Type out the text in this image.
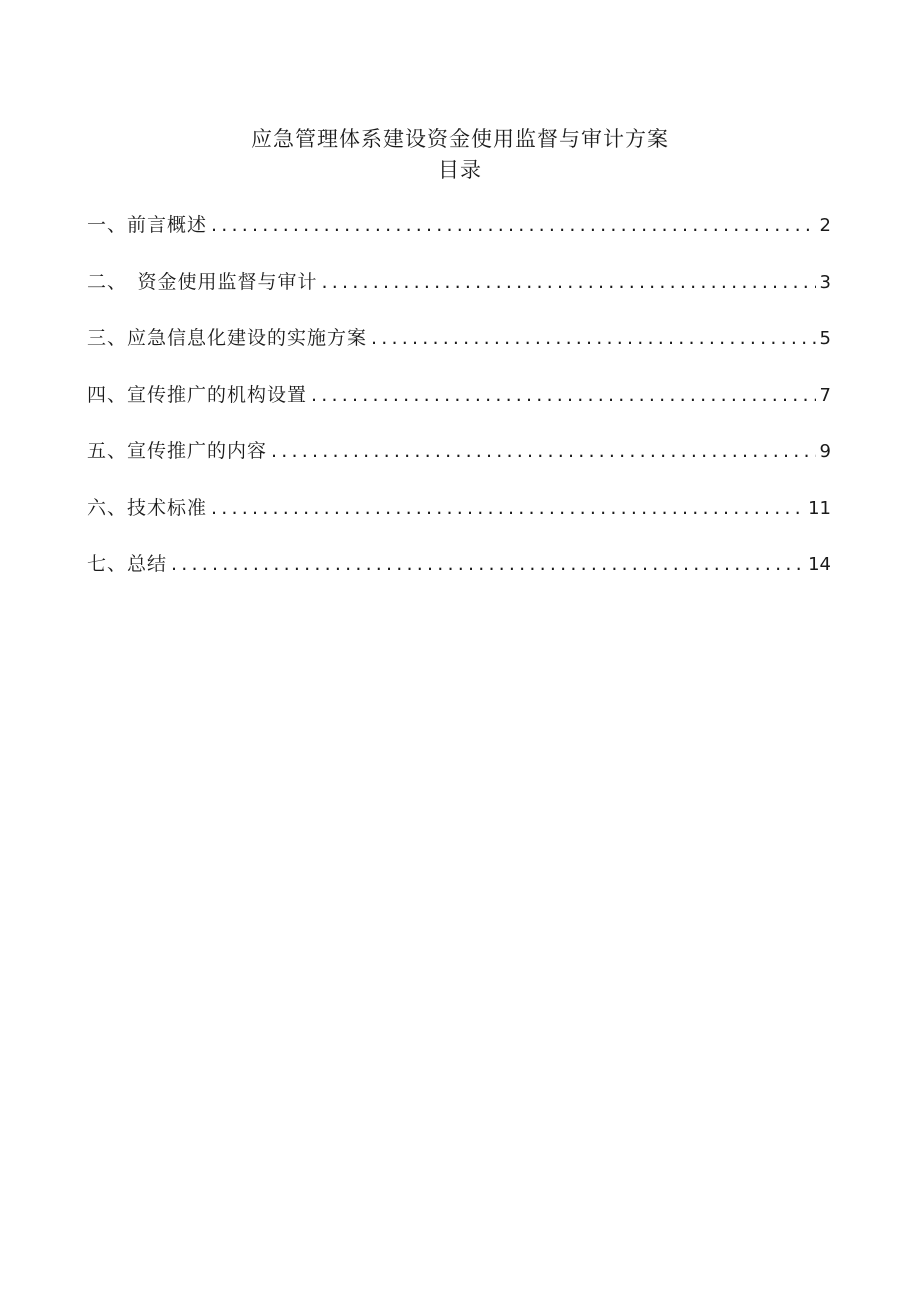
应急管理体系建设资金使用监督与审计方案
目录
一、前言概述 .....	2
二、　资金使用监督与审计 .....	3
三、应急信息化建设的实施方案 .....	5
四、宣传推广的机构设置 .....	7
五、宣传推广的内容 .....	9
六、技术标准 .....	11
七、总结 .....	14
